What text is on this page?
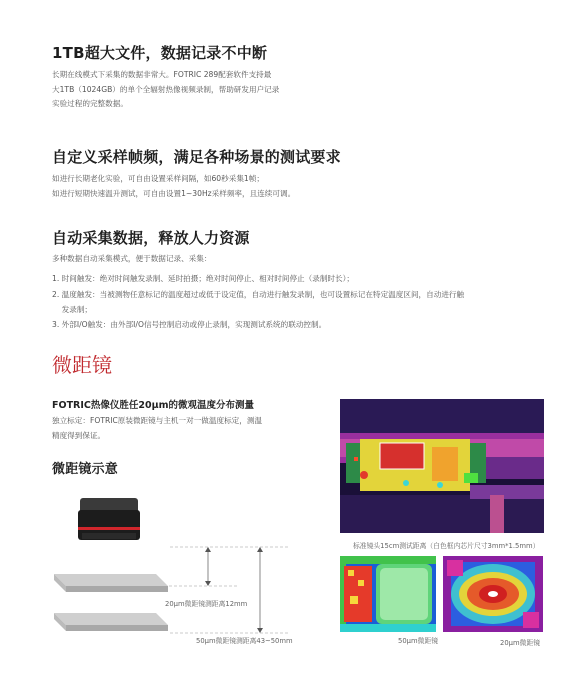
1TB超大文件，数据记录不中断
长期在线模式下采集的数据非常大。FOTRIC 289配套软件支持最
大1TB（1024GB）的单个全辐射热像视频录制，帮助研发用户记录
实验过程的完整数据。
自定义采样帧频，满足各种场景的测试要求
如进行长期老化实验，可自由设置采样间隔，如60秒采集1帧；
如进行短期快速温升测试，可自由设置1~30Hz采样频率，且连续可调。
自动采集数据，释放人力资源
多种数据自动采集模式，便于数据记录、采集：
1. 时间触发：绝对时间触发录制、延时拍摄；绝对时间停止、相对时间停止（录制时长）；
2. 温度触发：当被测物任意标记的温度超过或低于设定值，自动进行触发录制，也可设置标记在特定温度区间，自动进行触
发录制；
3. 外部I/O触发：由外部I/O信号控制启动或停止录制，实现测试系统的联动控制。
微距镜
FOTRIC热像仪胜任20μm的微观温度分布测量
独立标定：FOTRIC原装微距镜与主机一对一做温度标定，测温
精度得到保证。
微距镜示意
20μm微距镜测距离12mm
50μm微距镜测距离43~50mm
标准镜头15cm测试距离（白色框内芯片尺寸3mm*1.5mm）
50μm微距镜	20μm微距镜
